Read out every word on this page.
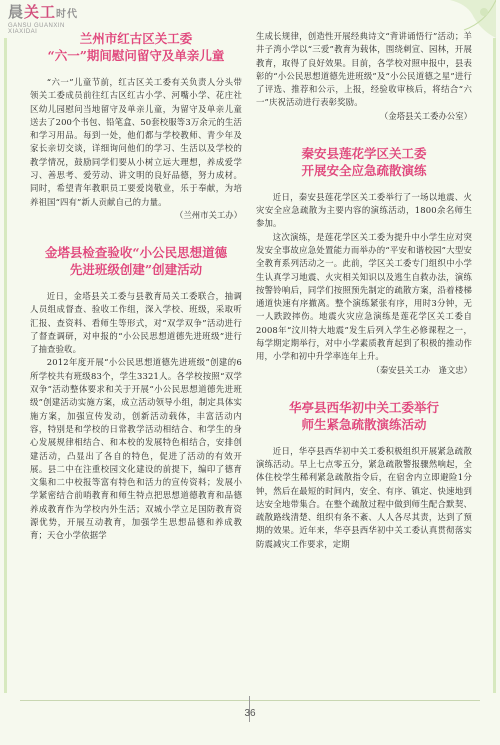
晨关工时代
GANSU GUANXIN
XIAXIDAI	兰州市红古区关工委
“六一”期间慰问留守及单亲儿童

“六一”儿童节前，红古区关工委有关负责人分头带领关工委成员前往红古区红古小学、河嘴小学、花庄社区幼儿园慰问当地留守及单亲儿童，为留守及单亲儿童送去了200个书包、铅笔盒、50套校服等3万余元的生活和学习用品。每到一处，他们都与学校教师、青少年及家长亲切交谈，详细询问他们的学习、生活以及学校的教学情况，鼓励同学们要从小树立远大理想，养成爱学习、善思考、爱劳动、讲文明的良好品德，努力成材。同时，希望青年教职员工要爱岗敬业，乐于奉献，为培养祖国“四有”新人贡献自己的力量。

（兰州市关工办）
金塔县检查验收“小公民思想道德
先进班级创建”创建活动

近日，金塔县关工委与县教育局关工委联合，抽调人员组成督查、验收工作组，深入学校、班级，采取听汇报、查资料、看师生等形式，对“双学双争”活动进行了督查调研，对申报的“小公民思想道德先进班级”进行了抽查验收。

2012年度开展“小公民思想道德先进班级”创建的6所学校共有班级83个，学生3321人。各学校按照“双学双争”活动整体要求和关于开展“小公民思想道德先进班级”创建活动实施方案，成立活动领导小组，制定具体实施方案，加强宣传发动，创新活动载体，丰富活动内容，特别是和学校的日常教学活动相结合、和学生的身心发展规律相结合、和本校的发展特色相结合，安排创建活动，凸显出了各自的特色，促进了活动的有效开展。县二中在注重校园文化建设的前提下，编印了德育文集和二中校报等富有特色和活力的宣传资料；发展小学紧密结合前哨教育和师生特点把思想道德教育和品德养成教育作为学校内外生活；双城小学立足国防教育资源优势，开展互动教育，加强学生思想品德和养成教育；天仓小学依据学

生成长规律，创造性开展经典诗文“背讲诵悟行”活动；羊井子湾小学以“三爱”教育为载体，围绕刺宣、园林，开展教育，取得了良好效果。目前，各学校对照申报中，县表彰的“小公民思想道德先进班级”及“小公民道德之星”进行了评选、推荐和公示，上报，经验收审核后，将结合“六一”庆祝活动进行表彰奖励。

（金塔县关工委办公室）
秦安县莲花学区关工委
开展安全应急疏散演练

近日，秦安县莲花学区关工委举行了一场以地震、火灾安全应急疏散为主要内容的演练活动，1800余名师生参加。

这次演练，是莲花学区关工委为提升中小学生应对突发安全事故应急处置能力而举办的“平安和谐校园”大型安全教育系列活动之一。此前，学区关工委专门组织中小学生认真学习地震、火灾相关知识以及逃生自救办法，演练按警铃响后，同学们按照预先制定的疏散方案，沿着楼梯通道快速有序撤离。整个演练紧张有序，用时3分钟，无一人跌跤摔伤。地震火灾应急演练是莲花学区关工委自2008年“汶川特大地震”发生后列入学生必修课程之一，每学期定期举行，对中小学素质教育起到了积极的推动作用，小学和初中升学率连年上升。

（秦安县关工办　逢文忠）
华亭县西华初中关工委举行
师生紧急疏散演练活动

近日，华亭县西华初中关工委积极组织开展紧急疏散演练活动。早上七点零五分，紧急疏散警报骤然响起，全体住校学生稀利紧急疏散指令后，在宿舍内立即避险1分钟，然后在最短的时间内，安全、有序、镇定、快速地到达安全地带集合。在整个疏散过程中做到师生配合默契、疏散路线清楚、组织有条不紊、人人各尽其责，达到了预期的效果。近年来，华亭县西华初中关工委认真贯彻落实防震减灾工作要求，定期

36
